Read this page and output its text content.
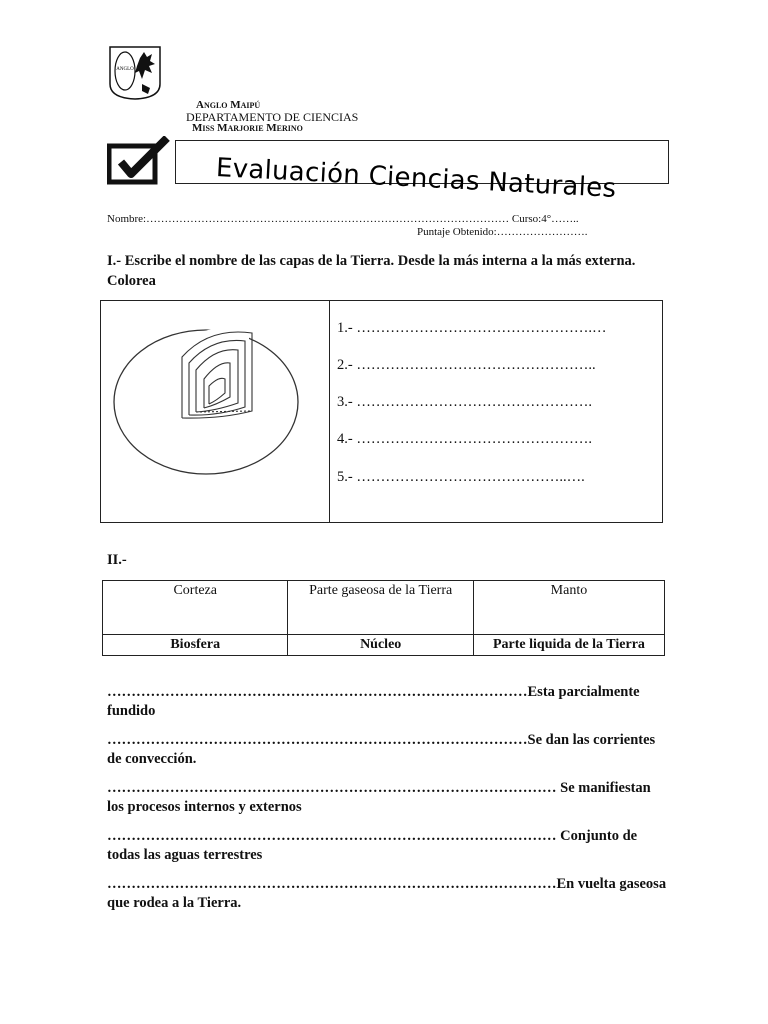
ANGLO
Anglo Maipú
DEPARTAMENTO DE CIENCIAS
Miss Marjorie Merino
Evaluación Ciencias Naturales
Nombre:……………………………………………………………………………………… Curso:4°……..
Puntaje Obtenido:…………………….
I.- Escribe el nombre de las capas de la Tierra. Desde la más interna a la más externa. Colorea
1.- ………………………………………….…
2.- …………………………………………..
3.- ………………………………………….
4.- ………………………………………….
5.- ……………………………………..….
II.-
Corteza	Parte gaseosa de la Tierra	Manto
Biosfera	Núcleo	Parte liquida de la Tierra
……………………………………………………………………………Esta parcialmente fundido
……………………………………………………………………………Se dan las corrientes de convección.
………………………………………………………………………………… Se manifiestan los procesos internos y externos
………………………………………………………………………………… Conjunto de todas las aguas terrestres
…………………………………………………………………………………En vuelta gaseosa que rodea a la Tierra.
